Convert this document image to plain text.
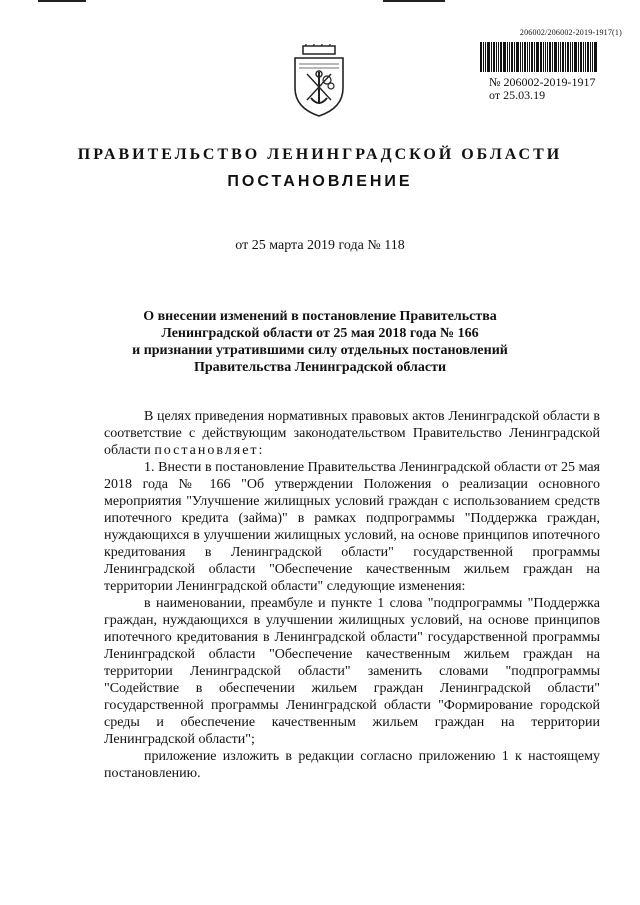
206002/206002-2019-1917(1)
№ 206002-2019-1917
от 25.03.19
ПРАВИТЕЛЬСТВО ЛЕНИНГРАДСКОЙ ОБЛАСТИ
ПОСТАНОВЛЕНИЕ
от 25 марта 2019 года № 118
О внесении изменений в постановление Правительства
Ленинградской области от 25 мая 2018 года № 166
и признании утратившими силу отдельных постановлений
Правительства Ленинградской области

В целях приведения нормативных правовых актов Ленинградской области в соответствие с действующим законодательством Правительство Ленинградской области постановляет:

1. Внести в постановление Правительства Ленинградской области от 25 мая 2018 года № 166 "Об утверждении Положения о реализации основного мероприятия "Улучшение жилищных условий граждан с использованием средств ипотечного кредита (займа)" в рамках подпрограммы "Поддержка граждан, нуждающихся в улучшении жилищных условий, на основе принципов ипотечного кредитования в Ленинградской области" государственной программы Ленинградской области "Обеспечение качественным жильем граждан на территории Ленинградской области" следующие изменения:

в наименовании, преамбуле и пункте 1 слова "подпрограммы "Поддержка граждан, нуждающихся в улучшении жилищных условий, на основе принципов ипотечного кредитования в Ленинградской области" государственной программы Ленинградской области "Обеспечение качественным жильем граждан на территории Ленинградской области" заменить словами "подпрограммы "Содействие в обеспечении жильем граждан Ленинградской области" государственной программы Ленинградской области "Формирование городской среды и обеспечение качественным жильем граждан на территории Ленинградской области";

приложение изложить в редакции согласно приложению 1 к настоящему постановлению.
